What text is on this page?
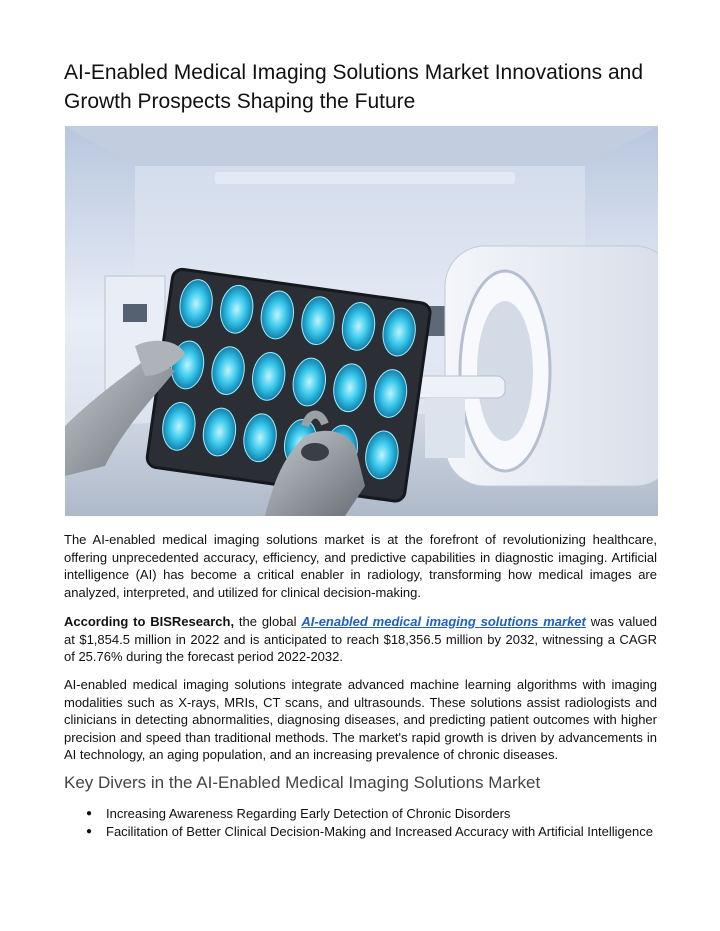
AI-Enabled Medical Imaging Solutions Market Innovations and Growth Prospects Shaping the Future

The AI-enabled medical imaging solutions market is at the forefront of revolutionizing healthcare, offering unprecedented accuracy, efficiency, and predictive capabilities in diagnostic imaging. Artificial intelligence (AI) has become a critical enabler in radiology, transforming how medical images are analyzed, interpreted, and utilized for clinical decision-making.

According to BISResearch, the global AI-enabled medical imaging solutions market was valued at $1,854.5 million in 2022 and is anticipated to reach $18,356.5 million by 2032, witnessing a CAGR of 25.76% during the forecast period 2022-2032.

AI-enabled medical imaging solutions integrate advanced machine learning algorithms with imaging modalities such as X-rays, MRIs, CT scans, and ultrasounds. These solutions assist radiologists and clinicians in detecting abnormalities, diagnosing diseases, and predicting patient outcomes with higher precision and speed than traditional methods. The market's rapid growth is driven by advancements in AI technology, an aging population, and an increasing prevalence of chronic diseases.

Key Divers in the AI-Enabled Medical Imaging Solutions Market
● Increasing Awareness Regarding Early Detection of Chronic Disorders
● Facilitation of Better Clinical Decision-Making and Increased Accuracy with Artificial Intelligence
